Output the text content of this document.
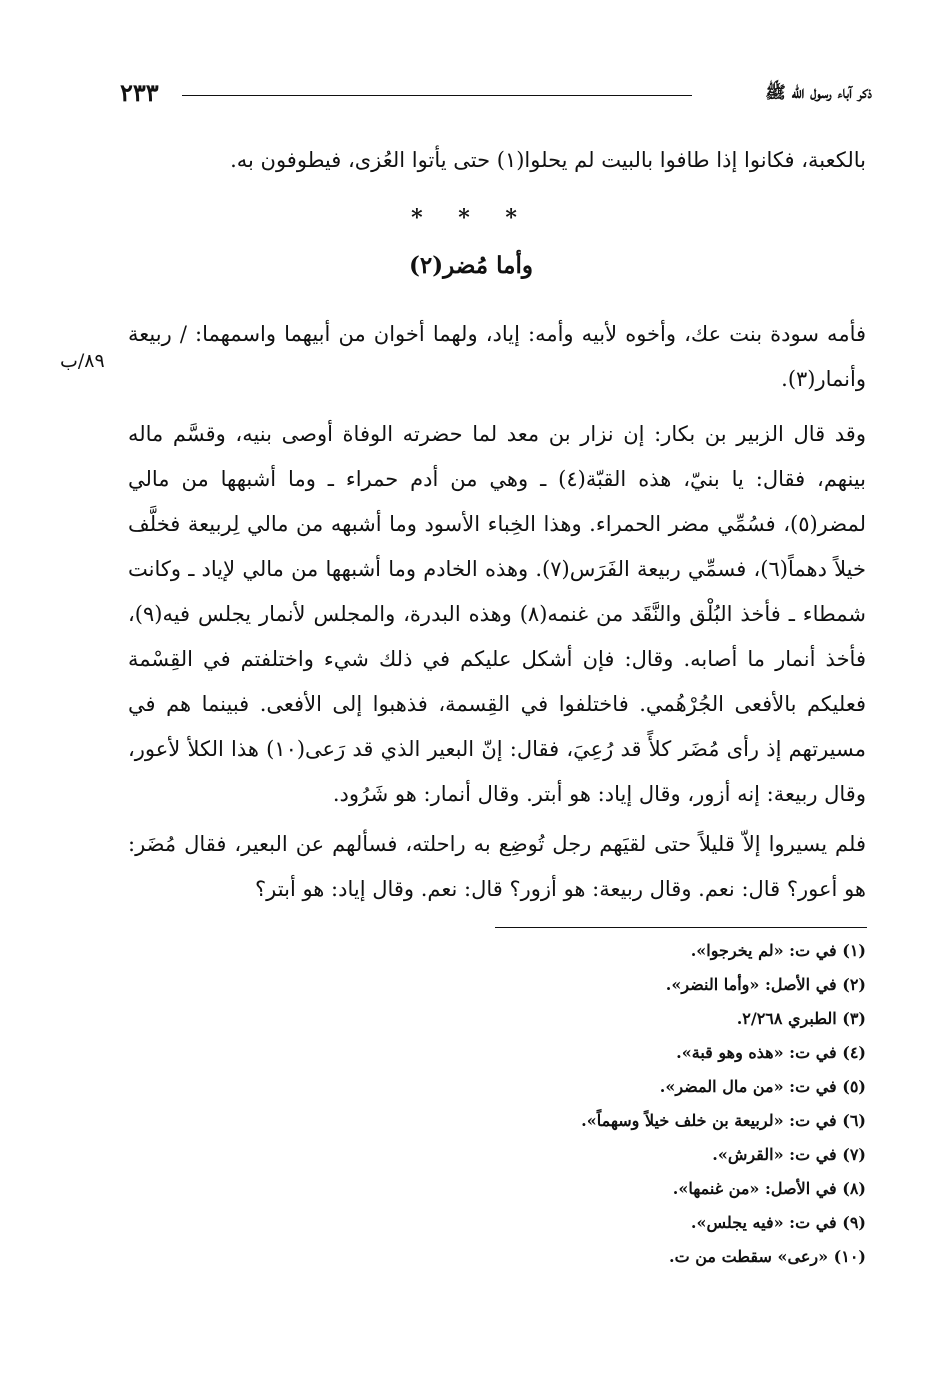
ذكر آباء رسول الله ﷺ
٢٣٣
بالكعبة، فكانوا إذا طافوا بالبيت لم يحلوا(١) حتى يأتوا العُزى، فيطوفون به.
* * *
وأما مُضر(٢)
فأمه سودة بنت عك، وأخوه لأبيه وأمه: إياد، ولهما أخوان من أبيهما واسمهما: / ربيعة وأنمار(٣).
٨٩/ب
وقد قال الزبير بن بكار: إن نزار بن معد لما حضرته الوفاة أوصى بنيه، وقسَّم ماله بينهم، فقال: يا بنيّ، هذه القبّة(٤) ـ وهي من أدم حمراء ـ وما أشبهها من مالي لمضر(٥)، فسُمِّي مضر الحمراء. وهذا الخِباء الأسود وما أشبهه من مالي لِربيعة فخلَّف خيلاً دهماً(٦)، فسمِّي ربيعة الفَرَس(٧). وهذه الخادم وما أشبهها من مالي لإياد ـ وكانت شمطاء ـ فأخذ البُلْق والنَّقَد من غنمه(٨) وهذه البدرة، والمجلس لأنمار يجلس فيه(٩)، فأخذ أنمار ما أصابه. وقال: فإن أشكل عليكم في ذلك شيء واختلفتم في القِسْمة فعليكم بالأفعى الجُرْهُمي. فاختلفوا في القِسمة، فذهبوا إلى الأفعى. فبينما هم في مسيرتهم إذ رأى مُضَر كلأً قد رُعِيَ، فقال: إنّ البعير الذي قد رَعى(١٠) هذا الكلأ لأعور، وقال ربيعة: إنه أزور، وقال إياد: هو أبتر. وقال أنمار: هو شَرُود.
فلم يسيروا إلاّ قليلاً حتى لقيَهم رجل تُوضِع به راحلته، فسألهم عن البعير، فقال مُضَر: هو أعور؟ قال: نعم. وقال ربيعة: هو أزور؟ قال: نعم. وقال إياد: هو أبتر؟
(١) في ت: «لم يخرجوا».
(٢) في الأصل: «وأما النضر».
(٣) الطبري ٢/٢٦٨.
(٤) في ت: «هذه وهو قبة».
(٥) في ت: «من مال المضر».
(٦) في ت: «لربيعة بن خلف خيلاً وسهماً».
(٧) في ت: «القرش».
(٨) في الأصل: «من غنمها».
(٩) في ت: «فيه يجلس».
(١٠) «رعى» سقطت من ت.
